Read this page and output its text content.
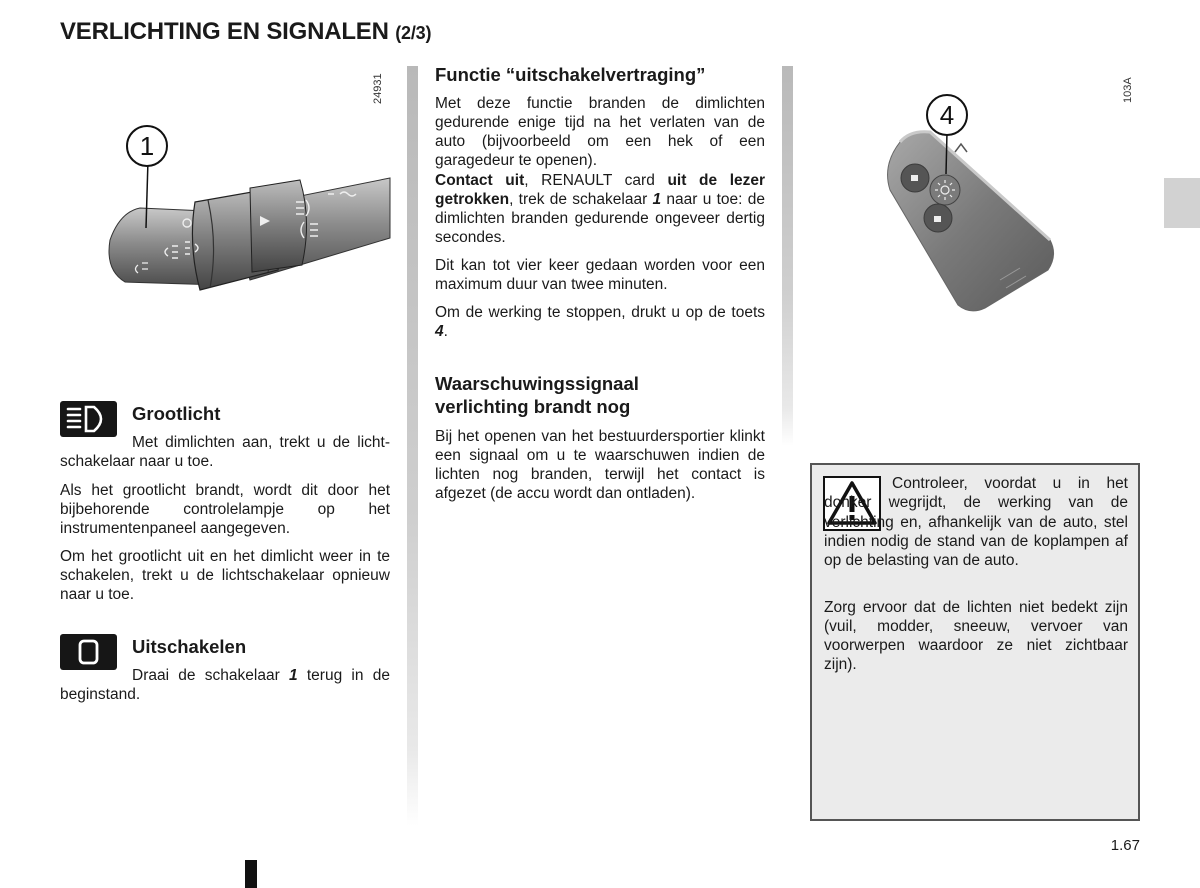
VERLICHTING EN SIGNALEN (2/3)
24931
1
Grootlicht

Met dimlichten aan, trekt u de lichtschakelaar naar u toe.

Als het grootlicht brandt, wordt dit door het bijbehorende controlelampje op het instrumentenpaneel aangegeven.

Om het grootlicht uit en het dimlicht weer in te schakelen, trekt u de lichtschakelaar opnieuw naar u toe.

Uitschakelen

Draai de schakelaar 1 terug in de beginstand.

Functie “uitschakelvertraging”

Met deze functie branden de dimlichten gedurende enige tijd na het verlaten van de auto (bijvoorbeeld om een hek of een garagedeur te openen).

Contact uit, RENAULT card uit de lezer getrokken, trek de schakelaar 1 naar u toe: de dimlichten branden gedurende ongeveer dertig secondes.

Dit kan tot vier keer gedaan worden voor een maximum duur van twee minuten.

Om de werking te stoppen, drukt u op de toets 4.

Waarschuwingssignaal verlichting brandt nog

Bij het openen van het bestuurdersportier klinkt een signaal om u te waarschuwen indien de lichten nog branden, terwijl het contact is afgezet (de accu wordt dan ontladen).

103A
4

Controleer, voordat u in het donker wegrijdt, de werking van de verlichting en, afhankelijk van de auto, stel indien nodig de stand van de koplampen af op de belasting van de auto.

Zorg ervoor dat de lichten niet bedekt zijn (vuil, modder, sneeuw, vervoer van voorwerpen waardoor ze niet zichtbaar zijn).

1.67
